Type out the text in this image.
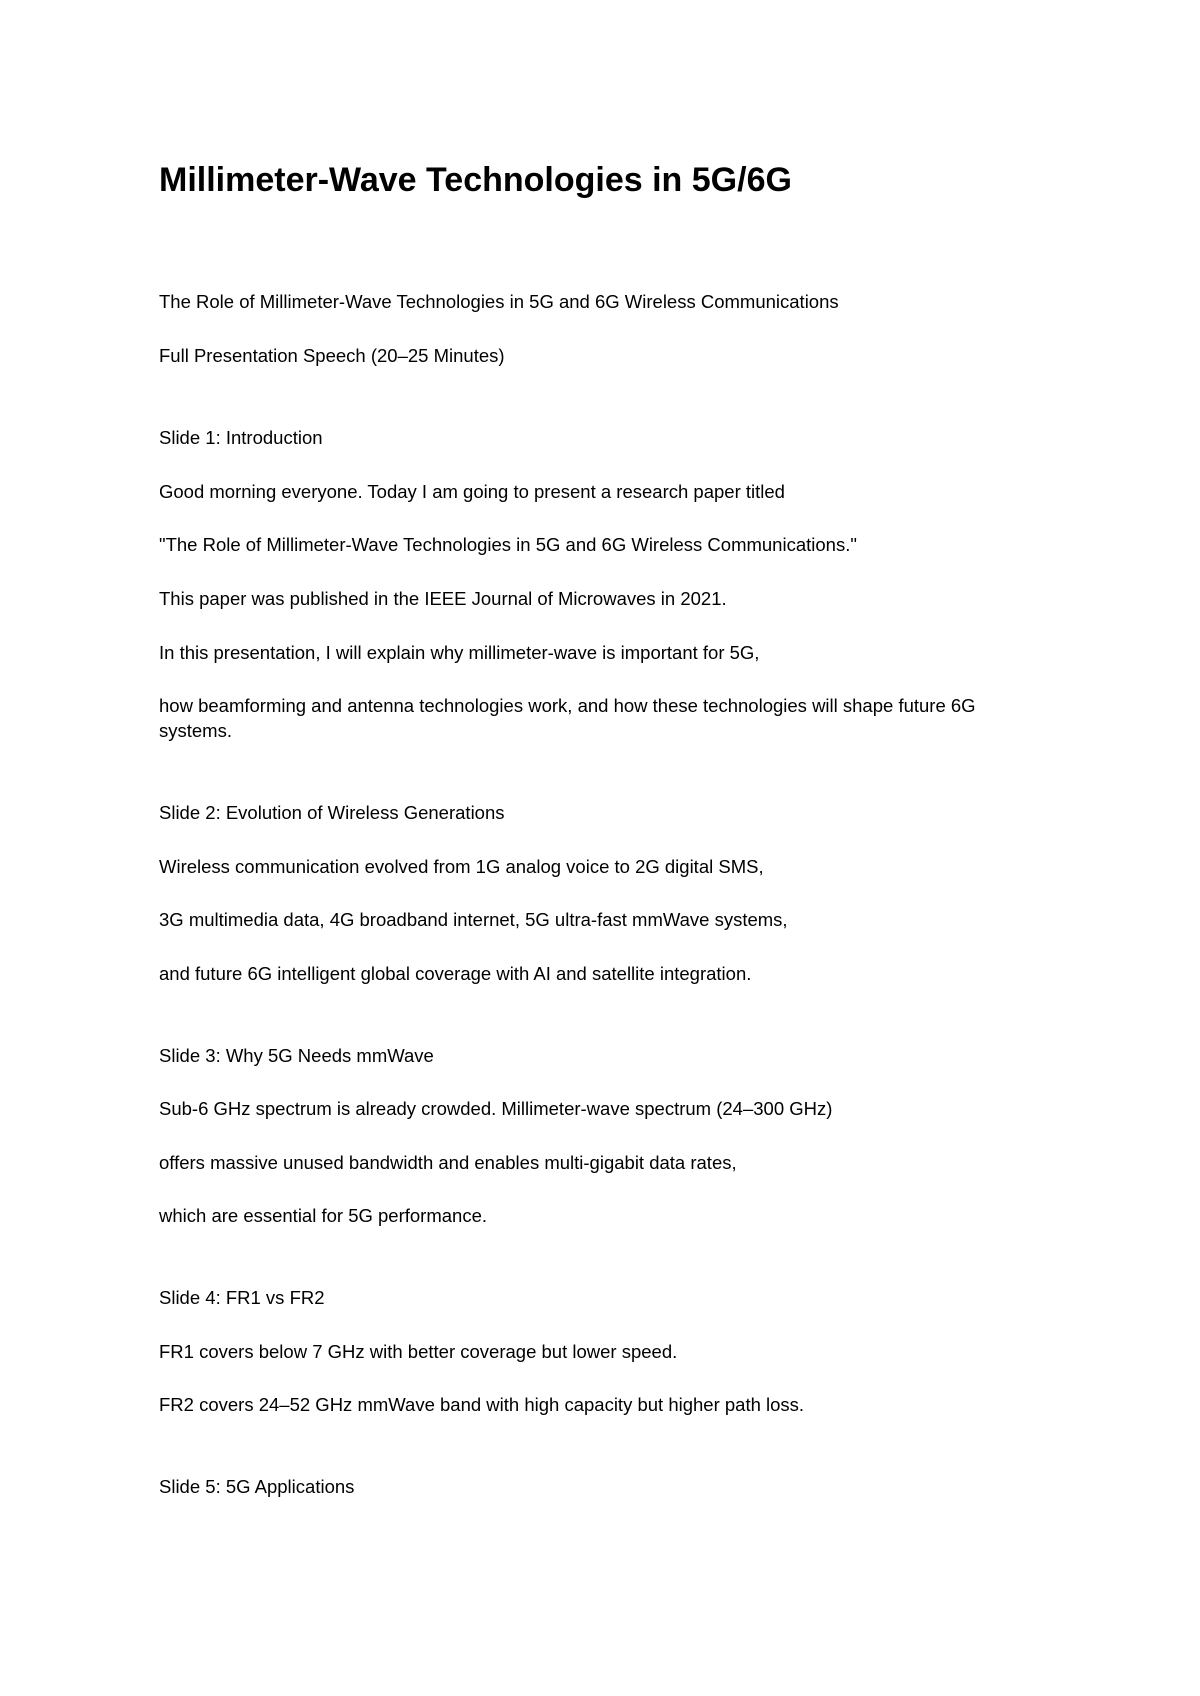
Millimeter-Wave Technologies in 5G/6G

The Role of Millimeter-Wave Technologies in 5G and 6G Wireless Communications

Full Presentation Speech (20–25 Minutes)

Slide 1: Introduction

Good morning everyone. Today I am going to present a research paper titled

"The Role of Millimeter-Wave Technologies in 5G and 6G Wireless Communications."

This paper was published in the IEEE Journal of Microwaves in 2021.

In this presentation, I will explain why millimeter-wave is important for 5G,

how beamforming and antenna technologies work, and how these technologies will shape future 6G systems.

Slide 2: Evolution of Wireless Generations

Wireless communication evolved from 1G analog voice to 2G digital SMS,

3G multimedia data, 4G broadband internet, 5G ultra-fast mmWave systems,

and future 6G intelligent global coverage with AI and satellite integration.

Slide 3: Why 5G Needs mmWave

Sub-6 GHz spectrum is already crowded. Millimeter-wave spectrum (24–300 GHz)

offers massive unused bandwidth and enables multi-gigabit data rates,

which are essential for 5G performance.

Slide 4: FR1 vs FR2

FR1 covers below 7 GHz with better coverage but lower speed.

FR2 covers 24–52 GHz mmWave band with high capacity but higher path loss.

Slide 5: 5G Applications
